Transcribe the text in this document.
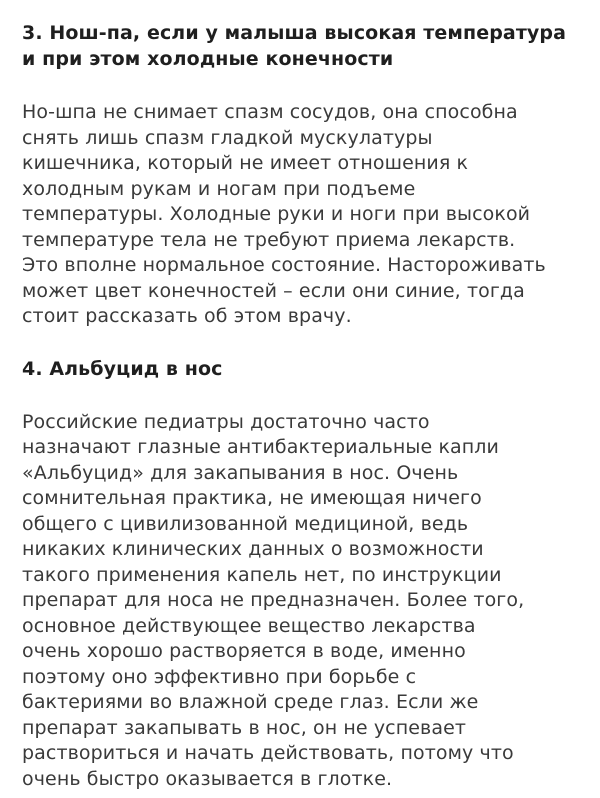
3. Нош-па, если у малыша высокая температура
и при этом холодные конечности

Но-шпа не снимает спазм сосудов, она способна
снять лишь спазм гладкой мускулатуры
кишечника, который не имеет отношения к
холодным рукам и ногам при подъеме
температуры. Холодные руки и ноги при высокой
температуре тела не требуют приема лекарств.
Это вполне нормальное состояние. Настороживать
может цвет конечностей – если они синие, тогда
стоит рассказать об этом врачу.

4. Альбуцид в нос

Российские педиатры достаточно часто
назначают глазные антибактериальные капли
«Альбуцид» для закапывания в нос. Очень
сомнительная практика, не имеющая ничего
общего с цивилизованной медициной, ведь
никаких клинических данных о возможности
такого применения капель нет, по инструкции
препарат для носа не предназначен. Более того,
основное действующее вещество лекарства
очень хорошо растворяется в воде, именно
поэтому оно эффективно при борьбе с
бактериями во влажной среде глаз. Если же
препарат закапывать в нос, он не успевает
раствориться и начать действовать, потому что
очень быстро оказывается в глотке.
